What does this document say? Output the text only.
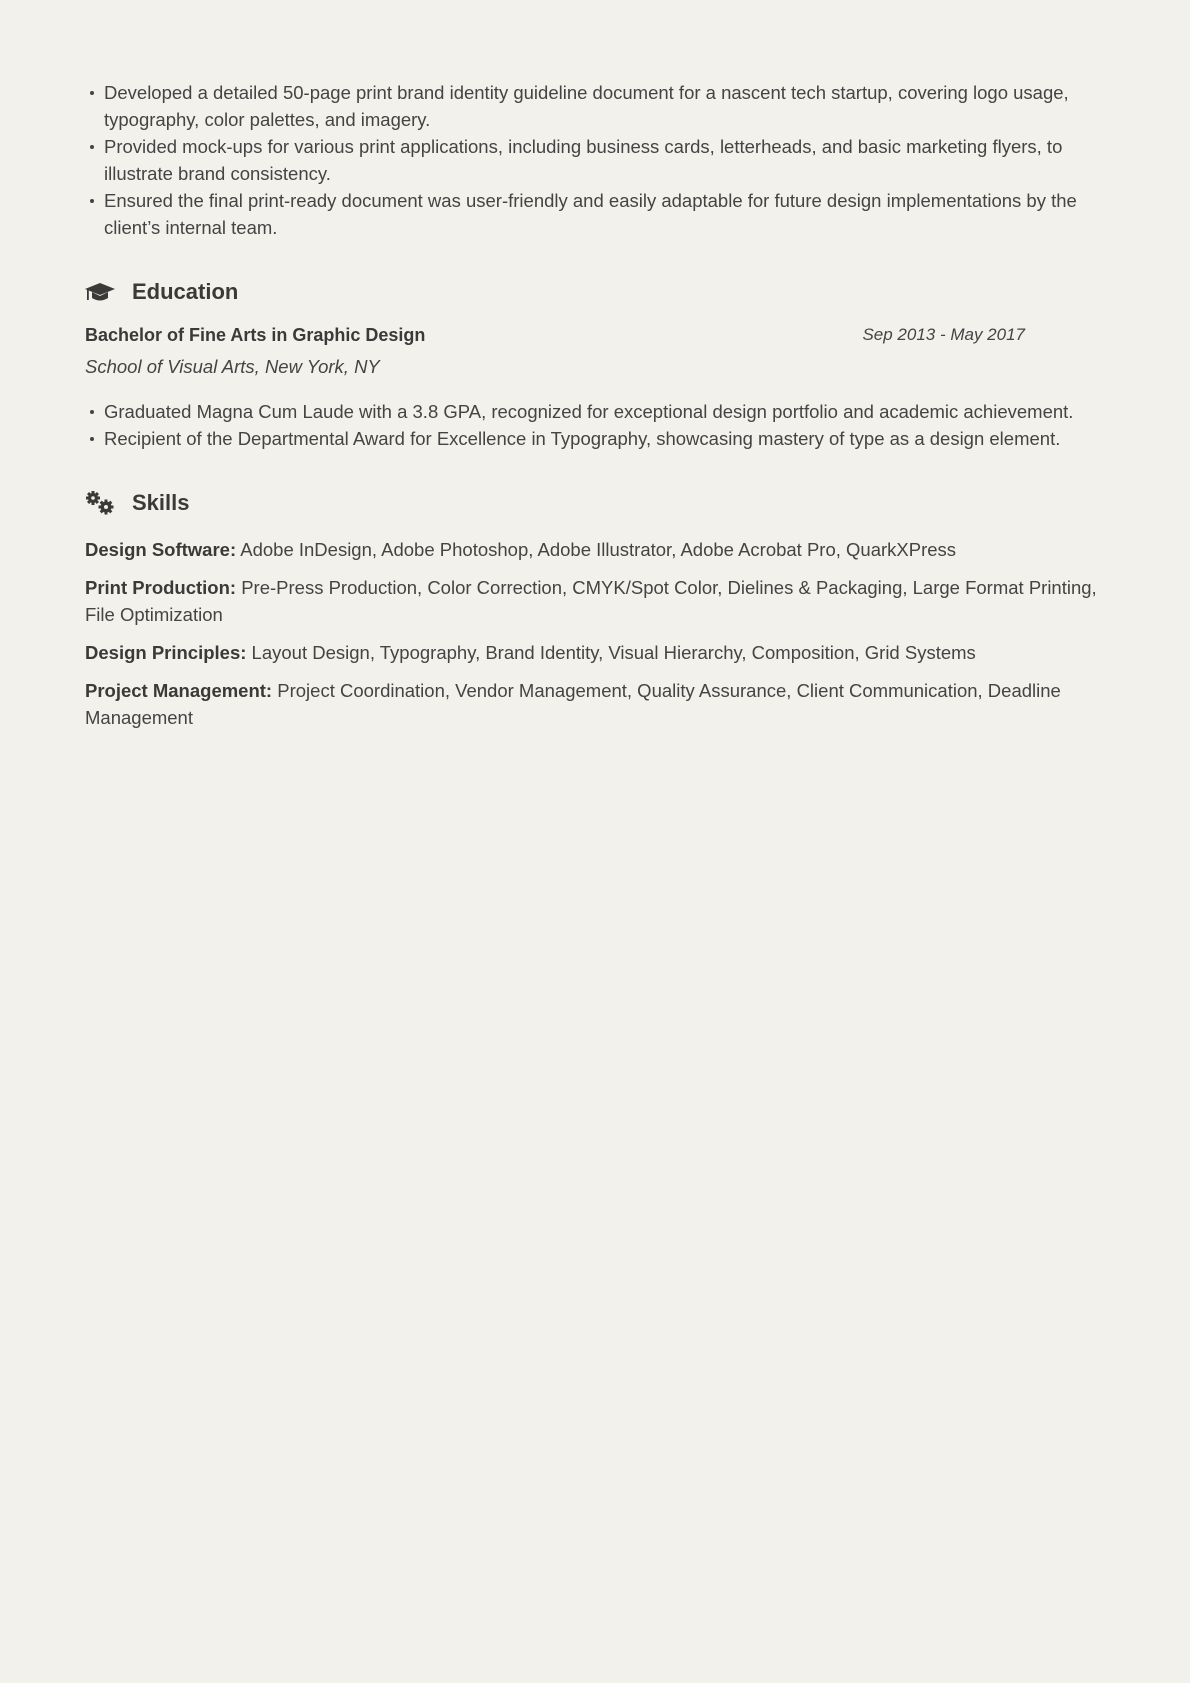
Developed a detailed 50-page print brand identity guideline document for a nascent tech startup, covering logo usage, typography, color palettes, and imagery.
Provided mock-ups for various print applications, including business cards, letterheads, and basic marketing flyers, to illustrate brand consistency.
Ensured the final print-ready document was user-friendly and easily adaptable for future design implementations by the client’s internal team.
Education
Bachelor of Fine Arts in Graphic Design	Sep 2013 - May 2017
School of Visual Arts, New York, NY
Graduated Magna Cum Laude with a 3.8 GPA, recognized for exceptional design portfolio and academic achievement.
Recipient of the Departmental Award for Excellence in Typography, showcasing mastery of type as a design element.
Skills
Design Software: Adobe InDesign, Adobe Photoshop, Adobe Illustrator, Adobe Acrobat Pro, QuarkXPress
Print Production: Pre-Press Production, Color Correction, CMYK/Spot Color, Dielines & Packaging, Large Format Printing, File Optimization
Design Principles: Layout Design, Typography, Brand Identity, Visual Hierarchy, Composition, Grid Systems
Project Management: Project Coordination, Vendor Management, Quality Assurance, Client Communication, Deadline Management
